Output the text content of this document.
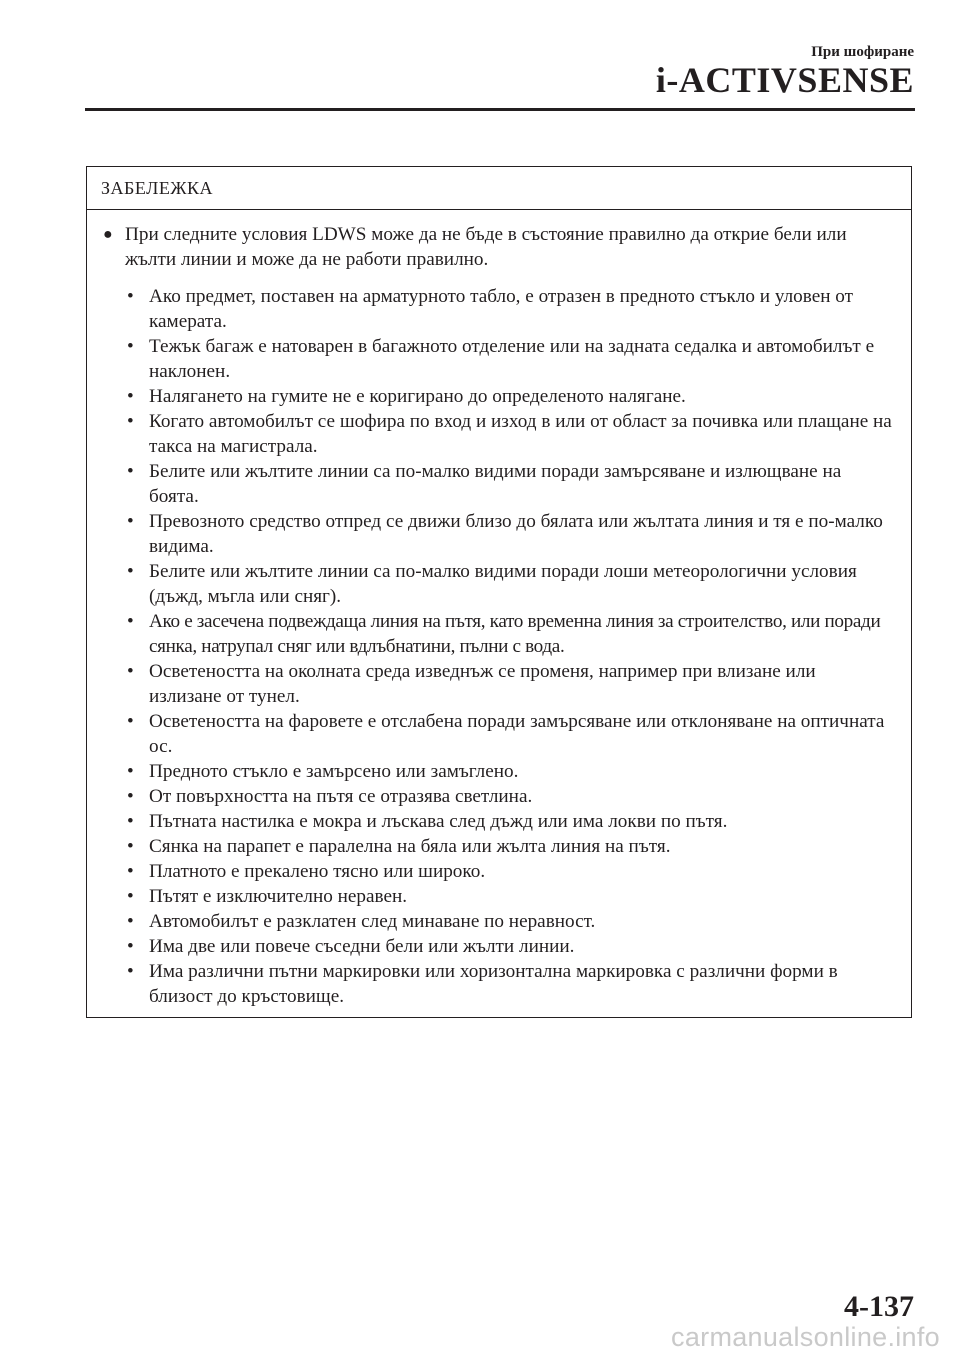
При шофиране
i-ACTIVSENSE
ЗАБЕЛЕЖКА
● При следните условия LDWS може да не бъде в състояние правилно да открие бели или жълти линии и може да не работи правилно.
• Ако предмет, поставен на арматурното табло, е отразен в предното стъкло и уловен от камерата.
• Тежък багаж е натоварен в багажното отделение или на задната седалка и автомобилът е наклонен.
• Налягането на гумите не е коригирано до определеното налягане.
• Когато автомобилът се шофира по вход и изход в или от област за почивка или плащане на такса на магистрала.
• Белите или жълтите линии са по-малко видими поради замърсяване и излющване на боята.
• Превозното средство отпред се движи близо до бялата или жълтата линия и тя е по-малко видима.
• Белите или жълтите линии са по-малко видими поради лоши метеорологични условия (дъжд, мъгла или сняг).
• Ако е засечена подвеждаща линия на пътя, като временна линия за строителство, или поради сянка, натрупал сняг или вдлъбнатини, пълни с вода.
• Осветеността на околната среда изведнъж се променя, например при влизане или излизане от тунел.
• Осветеността на фаровете е отслабена поради замърсяване или отклоняване на оптичната ос.
• Предното стъкло е замърсено или замъглено.
• От повърхността на пътя се отразява светлина.
• Пътната настилка е мокра и лъскава след дъжд или има локви по пътя.
• Сянка на парапет е паралелна на бяла или жълта линия на пътя.
• Платното е прекалено тясно или широко.
• Пътят е изключително неравен.
• Автомобилът е разклатен след минаване по неравност.
• Има две или повече съседни бели или жълти линии.
• Има различни пътни маркировки или хоризонтална маркировка с различни форми в близост до кръстовище.
4-137
carmanualsonline.info
